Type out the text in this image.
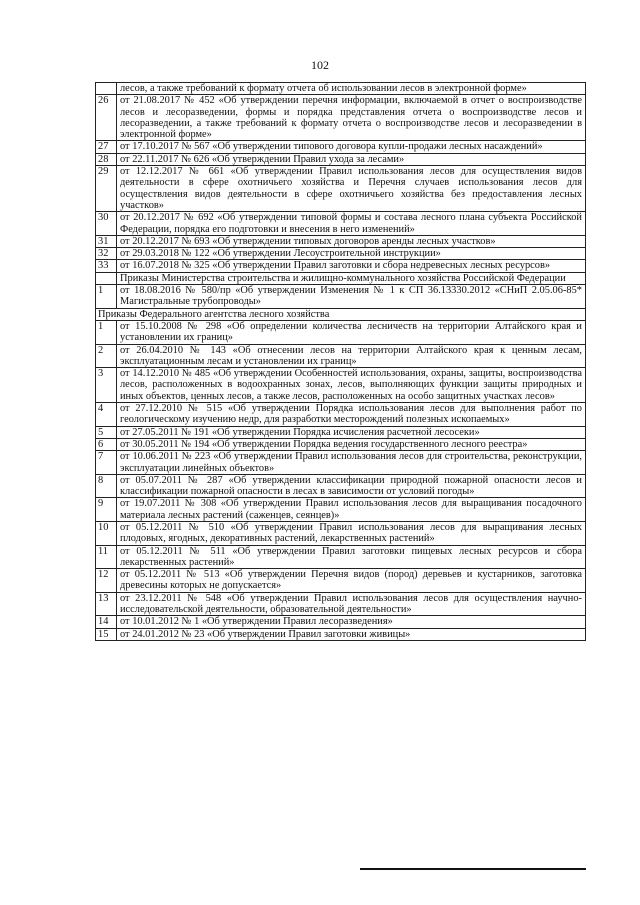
102
	лесов, а также требований к формату отчета об использовании лесов в электронной форме»
26	от 21.08.2017 № 452 «Об утверждении перечня информации, включаемой в отчет о воспроизводстве лесов и лесоразведении, формы и порядка представления отчета о воспроизводстве лесов и лесоразведении, а также требований к формату отчета о воспроизводстве лесов и лесоразведении в электронной форме»
27	от 17.10.2017 № 567 «Об утверждении типового договора купли-продажи лесных насаждений»
28	от 22.11.2017 № 626 «Об утверждении Правил ухода за лесами»
29	от 12.12.2017 № 661 «Об утверждении Правил использования лесов для осуществления видов деятельности в сфере охотничьего хозяйства и Перечня случаев использования лесов для осуществления видов деятельности в сфере охотничьего хозяйства без предоставления лесных участков»
30	от 20.12.2017 № 692 «Об утверждении типовой формы и состава лесного плана субъекта Российской Федерации, порядка его подготовки и внесения в него изменений»
31	от 20.12.2017 № 693 «Об утверждении типовых договоров аренды лесных участков»
32	от 29.03.2018 № 122 «Об утверждении Лесоустроительной инструкции»
33	от 16.07.2018 № 325 «Об утверждении Правил заготовки и сбора недревесных лесных ресурсов»
	Приказы Министерства строительства и жилищно-коммунального хозяйства Российской Федерации
1	от 18.08.2016 № 580/пр «Об утверждении Изменения № 1 к СП 36.13330.2012 «СНиП 2.05.06-85* Магистральные трубопроводы»
Приказы Федерального агентства лесного хозяйства	
1	от 15.10.2008 № 298 «Об определении количества лесничеств на территории Алтайского края и установлении их границ»
2	от 26.04.2010 № 143 «Об отнесении лесов на территории Алтайского края к ценным лесам, эксплуатационным лесам и установлении их границ»
3	от 14.12.2010 № 485 «Об утверждении Особенностей использования, охраны, защиты, воспроизводства лесов, расположенных в водоохранных зонах, лесов, выполняющих функции защиты природных и иных объектов, ценных лесов, а также лесов, расположенных на особо защитных участках лесов»
4	от 27.12.2010 № 515 «Об утверждении Порядка использования лесов для выполнения работ по геологическому изучению недр, для разработки месторождений полезных ископаемых»
5	от 27.05.2011 № 191 «Об утверждении Порядка исчисления расчетной лесосеки»
6	от 30.05.2011 № 194 «Об утверждении Порядка ведения государственного лесного реестра»
7	от 10.06.2011 № 223 «Об утверждении Правил использования лесов для строительства, реконструкции, эксплуатации линейных объектов»
8	от 05.07.2011 № 287 «Об утверждении классификации природной пожарной опасности лесов и классификации пожарной опасности в лесах в зависимости от условий погоды»
9	от 19.07.2011 № 308 «Об утверждении Правил использования лесов для выращивания посадочного материала лесных растений (саженцев, сеянцев)»
10	от 05.12.2011 № 510 «Об утверждении Правил использования лесов для выращивания лесных плодовых, ягодных, декоративных растений, лекарственных растений»
11	от 05.12.2011 № 511 «Об утверждении Правил заготовки пищевых лесных ресурсов и сбора лекарственных растений»
12	от 05.12.2011 № 513 «Об утверждении Перечня видов (пород) деревьев и кустарников, заготовка древесины которых не допускается»
13	от 23.12.2011 № 548 «Об утверждении Правил использования лесов для осуществления научно-исследовательской деятельности, образовательной деятельности»
14	от 10.01.2012 № 1 «Об утверждении Правил лесоразведения»
15	от 24.01.2012 № 23 «Об утверждении Правил заготовки живицы»
